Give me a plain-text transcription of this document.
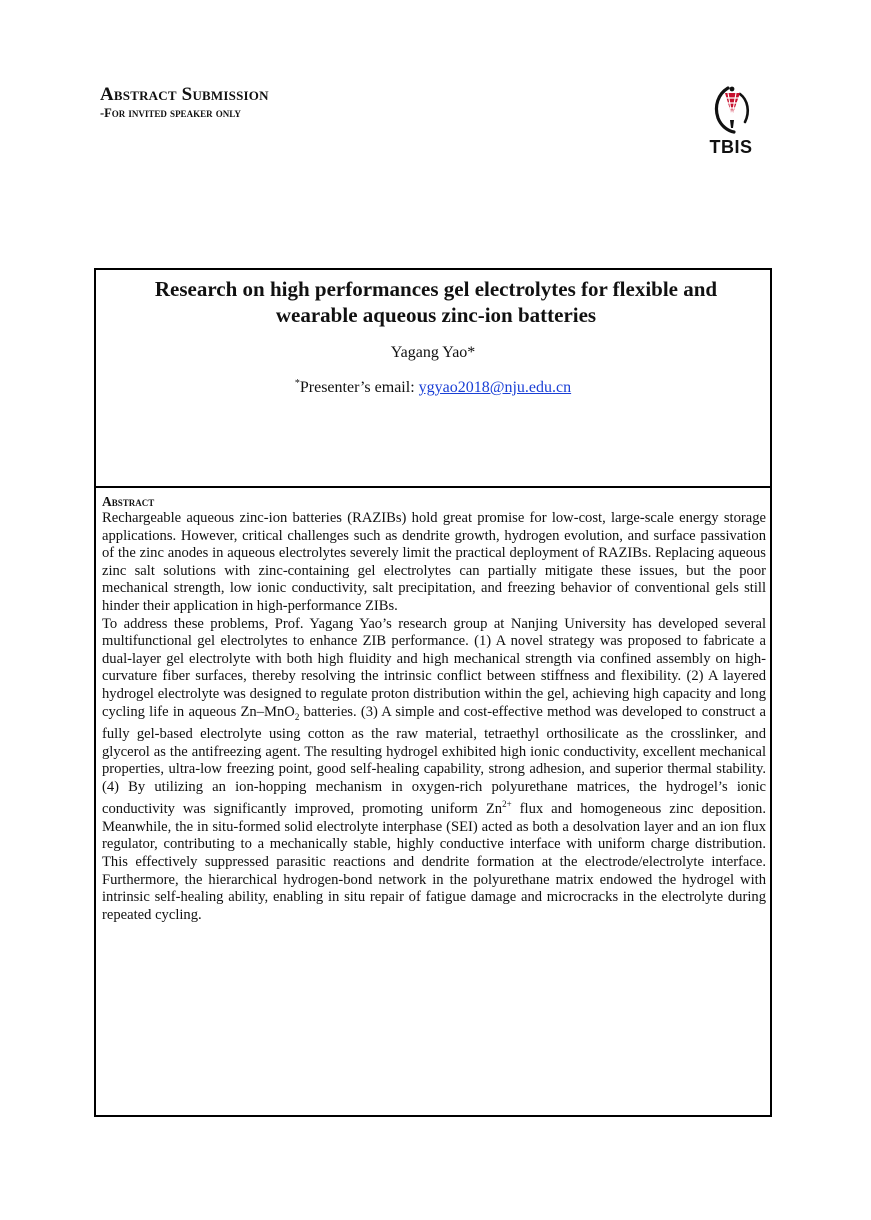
Abstract Submission
-For invited speaker only
TBIS
Research on high performances gel electrolytes for flexible and wearable aqueous zinc-ion batteries
Yagang Yao*
*Presenter’s email: ygyao2018@nju.edu.cn
Abstract

Rechargeable aqueous zinc-ion batteries (RAZIBs) hold great promise for low-cost, large-scale energy storage applications. However, critical challenges such as dendrite growth, hydrogen evolution, and surface passivation of the zinc anodes in aqueous electrolytes severely limit the practical deployment of RAZIBs. Replacing aqueous zinc salt solutions with zinc-containing gel electrolytes can partially mitigate these issues, but the poor mechanical strength, low ionic conductivity, salt precipitation, and freezing behavior of conventional gels still hinder their application in high-performance ZIBs.

To address these problems, Prof. Yagang Yao’s research group at Nanjing University has developed several multifunctional gel electrolytes to enhance ZIB performance. (1) A novel strategy was proposed to fabricate a dual-layer gel electrolyte with both high fluidity and high mechanical strength via confined assembly on high-curvature fiber surfaces, thereby resolving the intrinsic conflict between stiffness and flexibility. (2) A layered hydrogel electrolyte was designed to regulate proton distribution within the gel, achieving high capacity and long cycling life in aqueous Zn–MnO$_2$ batteries. (3) A simple and cost-effective method was developed to construct a fully gel-based electrolyte using cotton as the raw material, tetraethyl orthosilicate as the crosslinker, and glycerol as the antifreezing agent. The resulting hydrogel exhibited high ionic conductivity, excellent mechanical properties, ultra-low freezing point, good self-healing capability, strong adhesion, and superior thermal stability. (4) By utilizing an ion-hopping mechanism in oxygen-rich polyurethane matrices, the hydrogel’s ionic conductivity was significantly improved, promoting uniform $Zn^{2+}$ flux and homogeneous zinc deposition. Meanwhile, the in situ-formed solid electrolyte interphase (SEI) acted as both a desolvation layer and an ion flux regulator, contributing to a mechanically stable, highly conductive interface with uniform charge distribution. This effectively suppressed parasitic reactions and dendrite formation at the electrode/electrolyte interface. Furthermore, the hierarchical hydrogen-bond network in the polyurethane matrix endowed the hydrogel with intrinsic self-healing ability, enabling in situ repair of fatigue damage and microcracks in the electrolyte during repeated cycling.
